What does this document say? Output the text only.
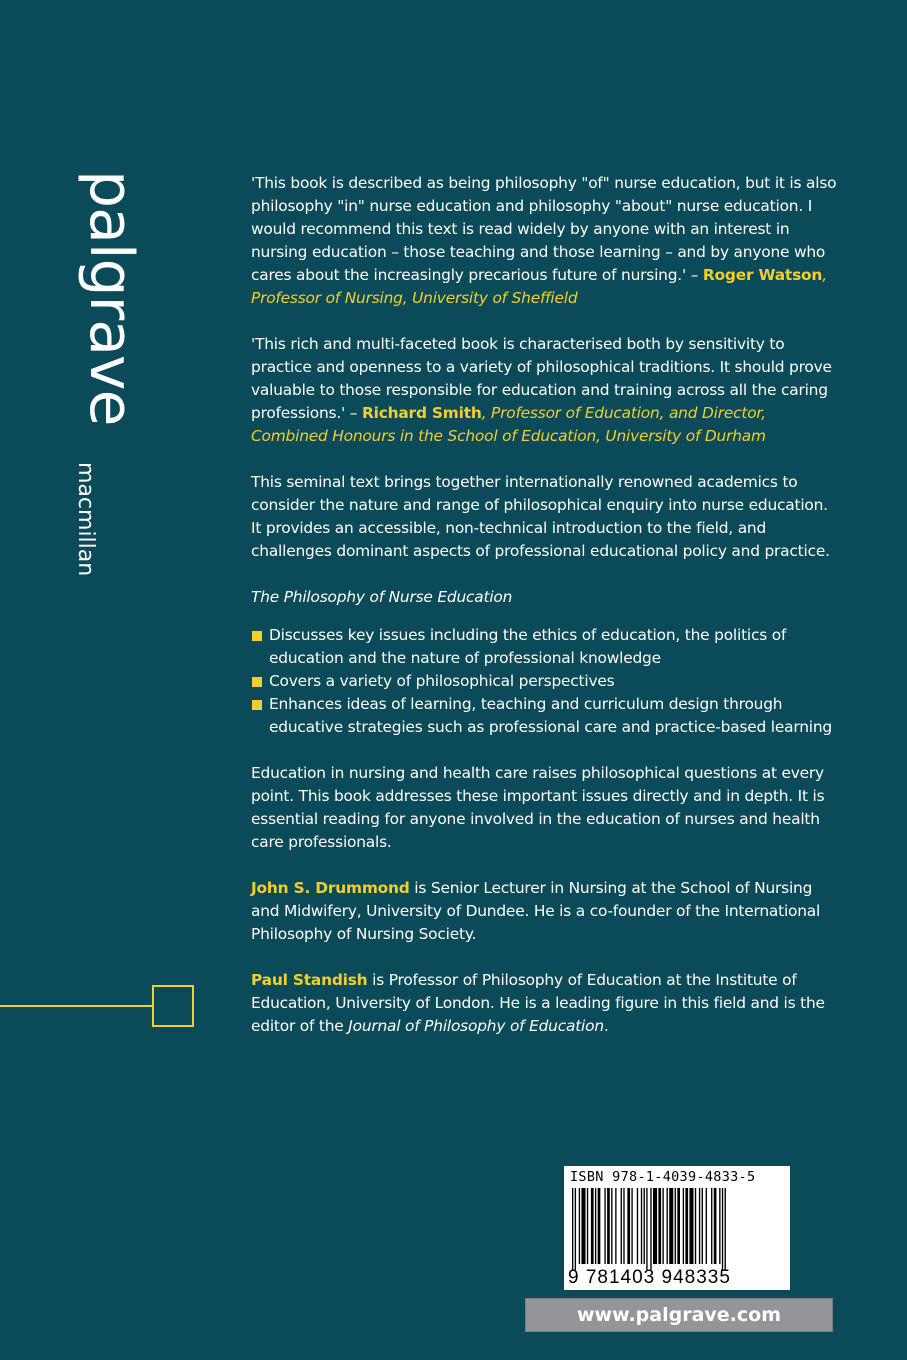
palgrave
macmillan

'This book is described as being philosophy "of" nurse education, but it is also philosophy "in" nurse education and philosophy "about" nurse education. I would recommend this text is read widely by anyone with an interest in nursing education – those teaching and those learning – and by anyone who cares about the increasingly precarious future of nursing.' – Roger Watson, Professor of Nursing, University of Sheffield

'This rich and multi-faceted book is characterised both by sensitivity to practice and openness to a variety of philosophical traditions. It should prove valuable to those responsible for education and training across all the caring professions.' – Richard Smith, Professor of Education, and Director, Combined Honours in the School of Education, University of Durham

This seminal text brings together internationally renowned academics to consider the nature and range of philosophical enquiry into nurse education. It provides an accessible, non-technical introduction to the field, and challenges dominant aspects of professional educational policy and practice.

The Philosophy of Nurse Education

Discusses key issues including the ethics of education, the politics of education and the nature of professional knowledge
Covers a variety of philosophical perspectives
Enhances ideas of learning, teaching and curriculum design through educative strategies such as professional care and practice-based learning

Education in nursing and health care raises philosophical questions at every point. This book addresses these important issues directly and in depth. It is essential reading for anyone involved in the education of nurses and health care professionals.

John S. Drummond is Senior Lecturer in Nursing at the School of Nursing and Midwifery, University of Dundee. He is a co-founder of the International Philosophy of Nursing Society.

Paul Standish is Professor of Philosophy of Education at the Institute of Education, University of London. He is a leading figure in this field and is the editor of the Journal of Philosophy of Education.

ISBN 978-1-4039-4833-5
9 781403 948335
www.palgrave.com
